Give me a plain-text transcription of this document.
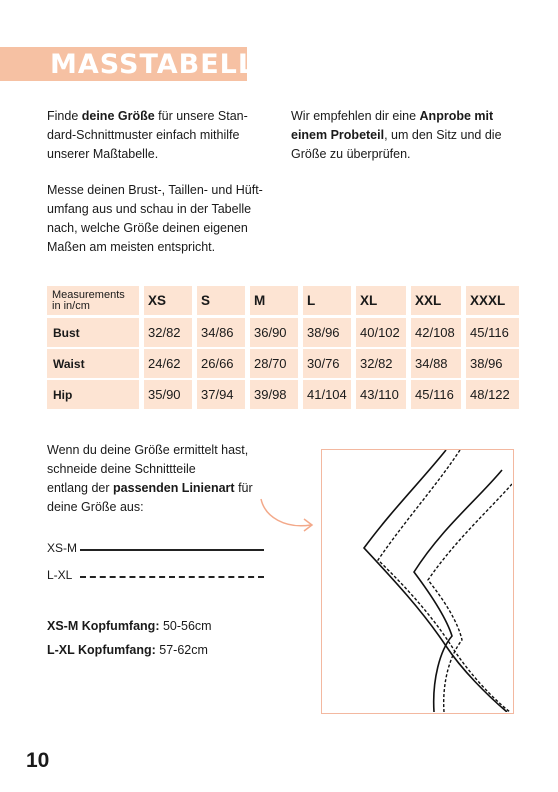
MASSTABELLE
Finde deine Größe für unsere Stan-
dard-Schnittmuster einfach mithilfe
unserer Maßtabelle.
Messe deinen Brust-, Taillen- und Hüft-
umfang aus und schau in der Tabelle
nach, welche Größe deinen eigenen
Maßen am meisten entspricht.
Wir empfehlen dir eine Anprobe mit
einem Probeteil, um den Sitz und die
Größe zu überprüfen.
Measurements
in in/cm	XS	S	M	L	XL	XXL	XXXL
Bust	32/82	34/86	36/90	38/96	40/102	42/108	45/116
Waist	24/62	26/66	28/70	30/76	32/82	34/88	38/96
Hip	35/90	37/94	39/98	41/104	43/110	45/116	48/122
Wenn du deine Größe ermittelt hast,
schneide deine Schnittteile
entlang der passenden Linienart für
deine Größe aus:
XS-M
L-XL
XS-M Kopfumfang: 50-56cm
L-XL Kopfumfang: 57-62cm
10
